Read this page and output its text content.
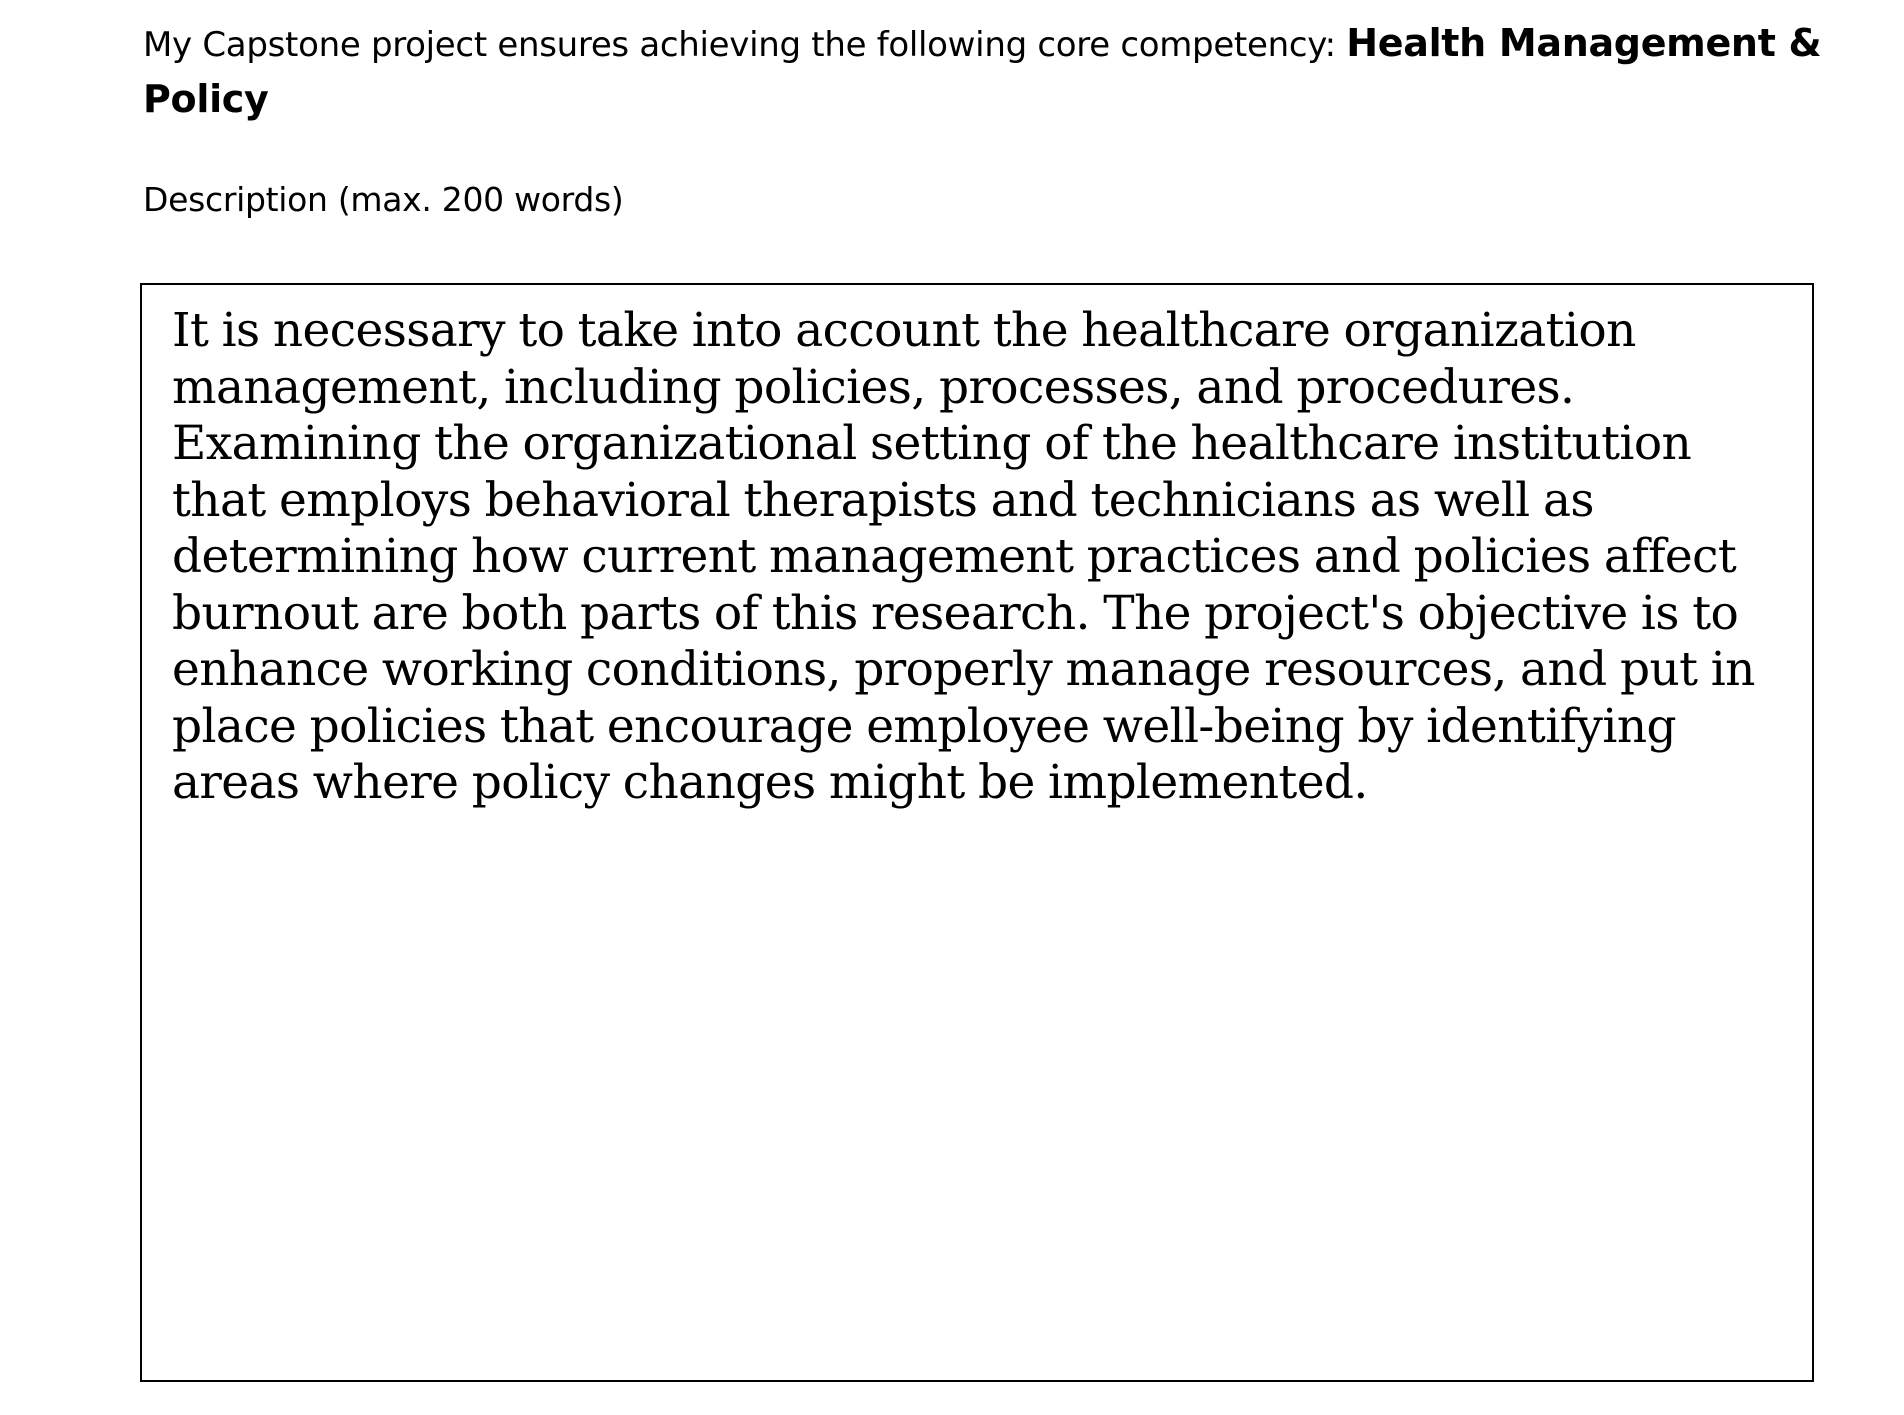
My Capstone project ensures achieving the following core competency: Health Management & Policy

Description (max. 200 words)

It is necessary to take into account the healthcare organization management, including policies, processes, and procedures. Examining the organizational setting of the healthcare institution that employs behavioral therapists and technicians as well as determining how current management practices and policies affect burnout are both parts of this research. The project's objective is to enhance working conditions, properly manage resources, and put in place policies that encourage employee well-being by identifying areas where policy changes might be implemented.
